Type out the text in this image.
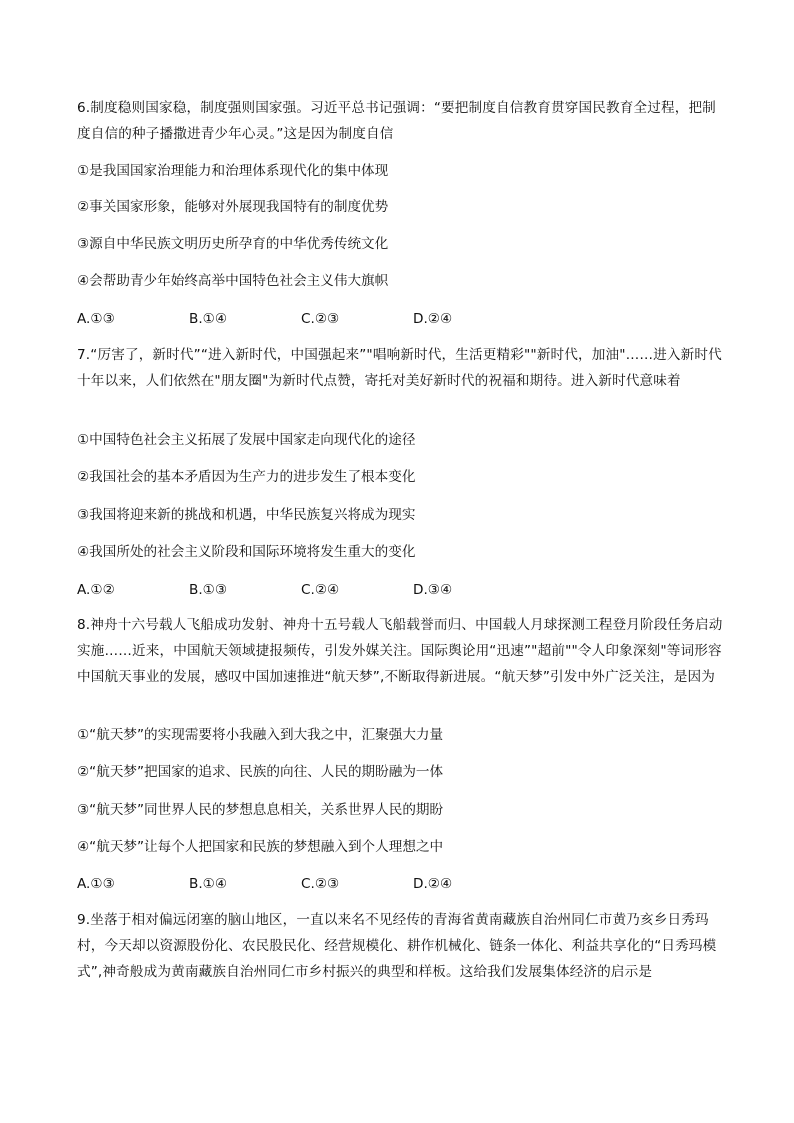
6.制度稳则国家稳，制度强则国家强。习近平总书记强调：“要把制度自信教育贯穿国民教育全过程，把制度自信的种子播撒进青少年心灵。”这是因为制度自信

①是我国国家治理能力和治理体系现代化的集中体现
②事关国家形象，能够对外展现我国特有的制度优势
③源自中华民族文明历史所孕育的中华优秀传统文化
④会帮助青少年始终高举中国特色社会主义伟大旗帜
A.①③	B.①④	C.②③	D.②④

7.“厉害了，新时代”“进入新时代，中国强起来”"唱响新时代，生活更精彩""新时代，加油"……进入新时代十年以来，人们依然在"朋友圈"为新时代点赞，寄托对美好新时代的祝福和期待。进入新时代意味着

①中国特色社会主义拓展了发展中国家走向现代化的途径
②我国社会的基本矛盾因为生产力的进步发生了根本变化
③我国将迎来新的挑战和机遇，中华民族复兴将成为现实
④我国所处的社会主义阶段和国际环境将发生重大的变化
A.①②	B.①③	C.②④	D.③④

8.神舟十六号载人飞船成功发射、神舟十五号载人飞船载誉而归、中国载人月球探测工程登月阶段任务启动实施……近来，中国航天领域捷报频传，引发外媒关注。国际舆论用“迅速”"超前""令人印象深刻"等词形容中国航天事业的发展，感叹中国加速推进“航天梦”,不断取得新进展。“航天梦”引发中外广泛关注，是因为

①“航天梦”的实现需要将小我融入到大我之中，汇聚强大力量
②“航天梦”把国家的追求、民族的向往、人民的期盼融为一体
③“航天梦”同世界人民的梦想息息相关，关系世界人民的期盼
④“航天梦”让每个人把国家和民族的梦想融入到个人理想之中
A.①③	B.①④	C.②③	D.②④

9.坐落于相对偏远闭塞的脑山地区，一直以来名不见经传的青海省黄南藏族自治州同仁市黄乃亥乡日秀玛村，今天却以资源股份化、农民股民化、经营规模化、耕作机械化、链条一体化、利益共享化的“日秀玛模式”,神奇般成为黄南藏族自治州同仁市乡村振兴的典型和样板。这给我们发展集体经济的启示是
